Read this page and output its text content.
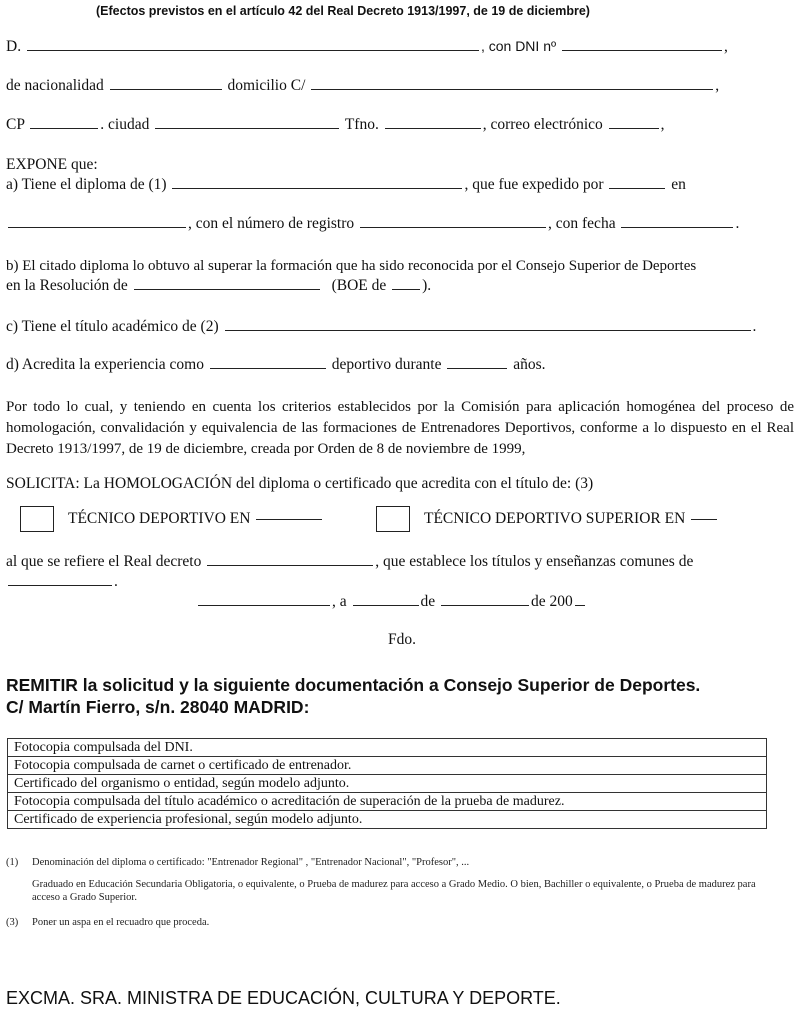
(Efectos previstos en el artículo 42 del Real Decreto 1913/1997, de 19 de diciembre)
D.	, con DNI nº	,
de nacionalidad	domicilio C/	,
CP	. ciudad	Tfno.	, correo electrónico	,
EXPONE que:
a) Tiene el diploma de (1)	, que fue expedido por	en
, con el número de registro	, con fecha	.
b) El citado diploma lo obtuvo al superar la formación que ha sido reconocida por el Consejo Superior de Deportes
en la Resolución de	(BOE de ).
c) Tiene el título académico de (2)	.
d) Acredita la experiencia como	deportivo durante	años.
Por todo lo cual, y teniendo en cuenta los criterios establecidos por la Comisión para aplicación homogénea del proceso de homologación, convalidación y equivalencia de las formaciones de Entrenadores Deportivos, conforme a lo dispuesto en el Real Decreto 1913/1997, de 19 de diciembre, creada por Orden de 8 de noviembre de 1999,
SOLICITA: La HOMOLOGACIÓN del diploma o certificado que acredita con el título de: (3)
TÉCNICO DEPORTIVO EN	TÉCNICO DEPORTIVO SUPERIOR EN
al que se refiere el Real decreto	, que establece los títulos y enseñanzas comunes de
.
, a	de	de 200
Fdo.
REMITIR la solicitud y la siguiente documentación a Consejo Superior de Deportes.
C/ Martín Fierro, s/n. 28040 MADRID:
Fotocopia compulsada del DNI.
Fotocopia compulsada de carnet o certificado de entrenador.
Certificado del organismo o entidad, según modelo adjunto.
Fotocopia compulsada del título académico o acreditación de superación de la prueba de madurez.
Certificado de experiencia profesional, según modelo adjunto.
(1) Denominación del diploma o certificado: "Entrenador Regional" , "Entrenador Nacional", "Profesor", ...
Graduado en Educación Secundaria Obligatoria, o equivalente, o Prueba de madurez para acceso a Grado Medio. O bien, Bachiller o equivalente, o Prueba de madurez para acceso a Grado Superior.
(3) Poner un aspa en el recuadro que proceda.
EXCMA. SRA. MINISTRA DE EDUCACIÓN, CULTURA Y DEPORTE.
